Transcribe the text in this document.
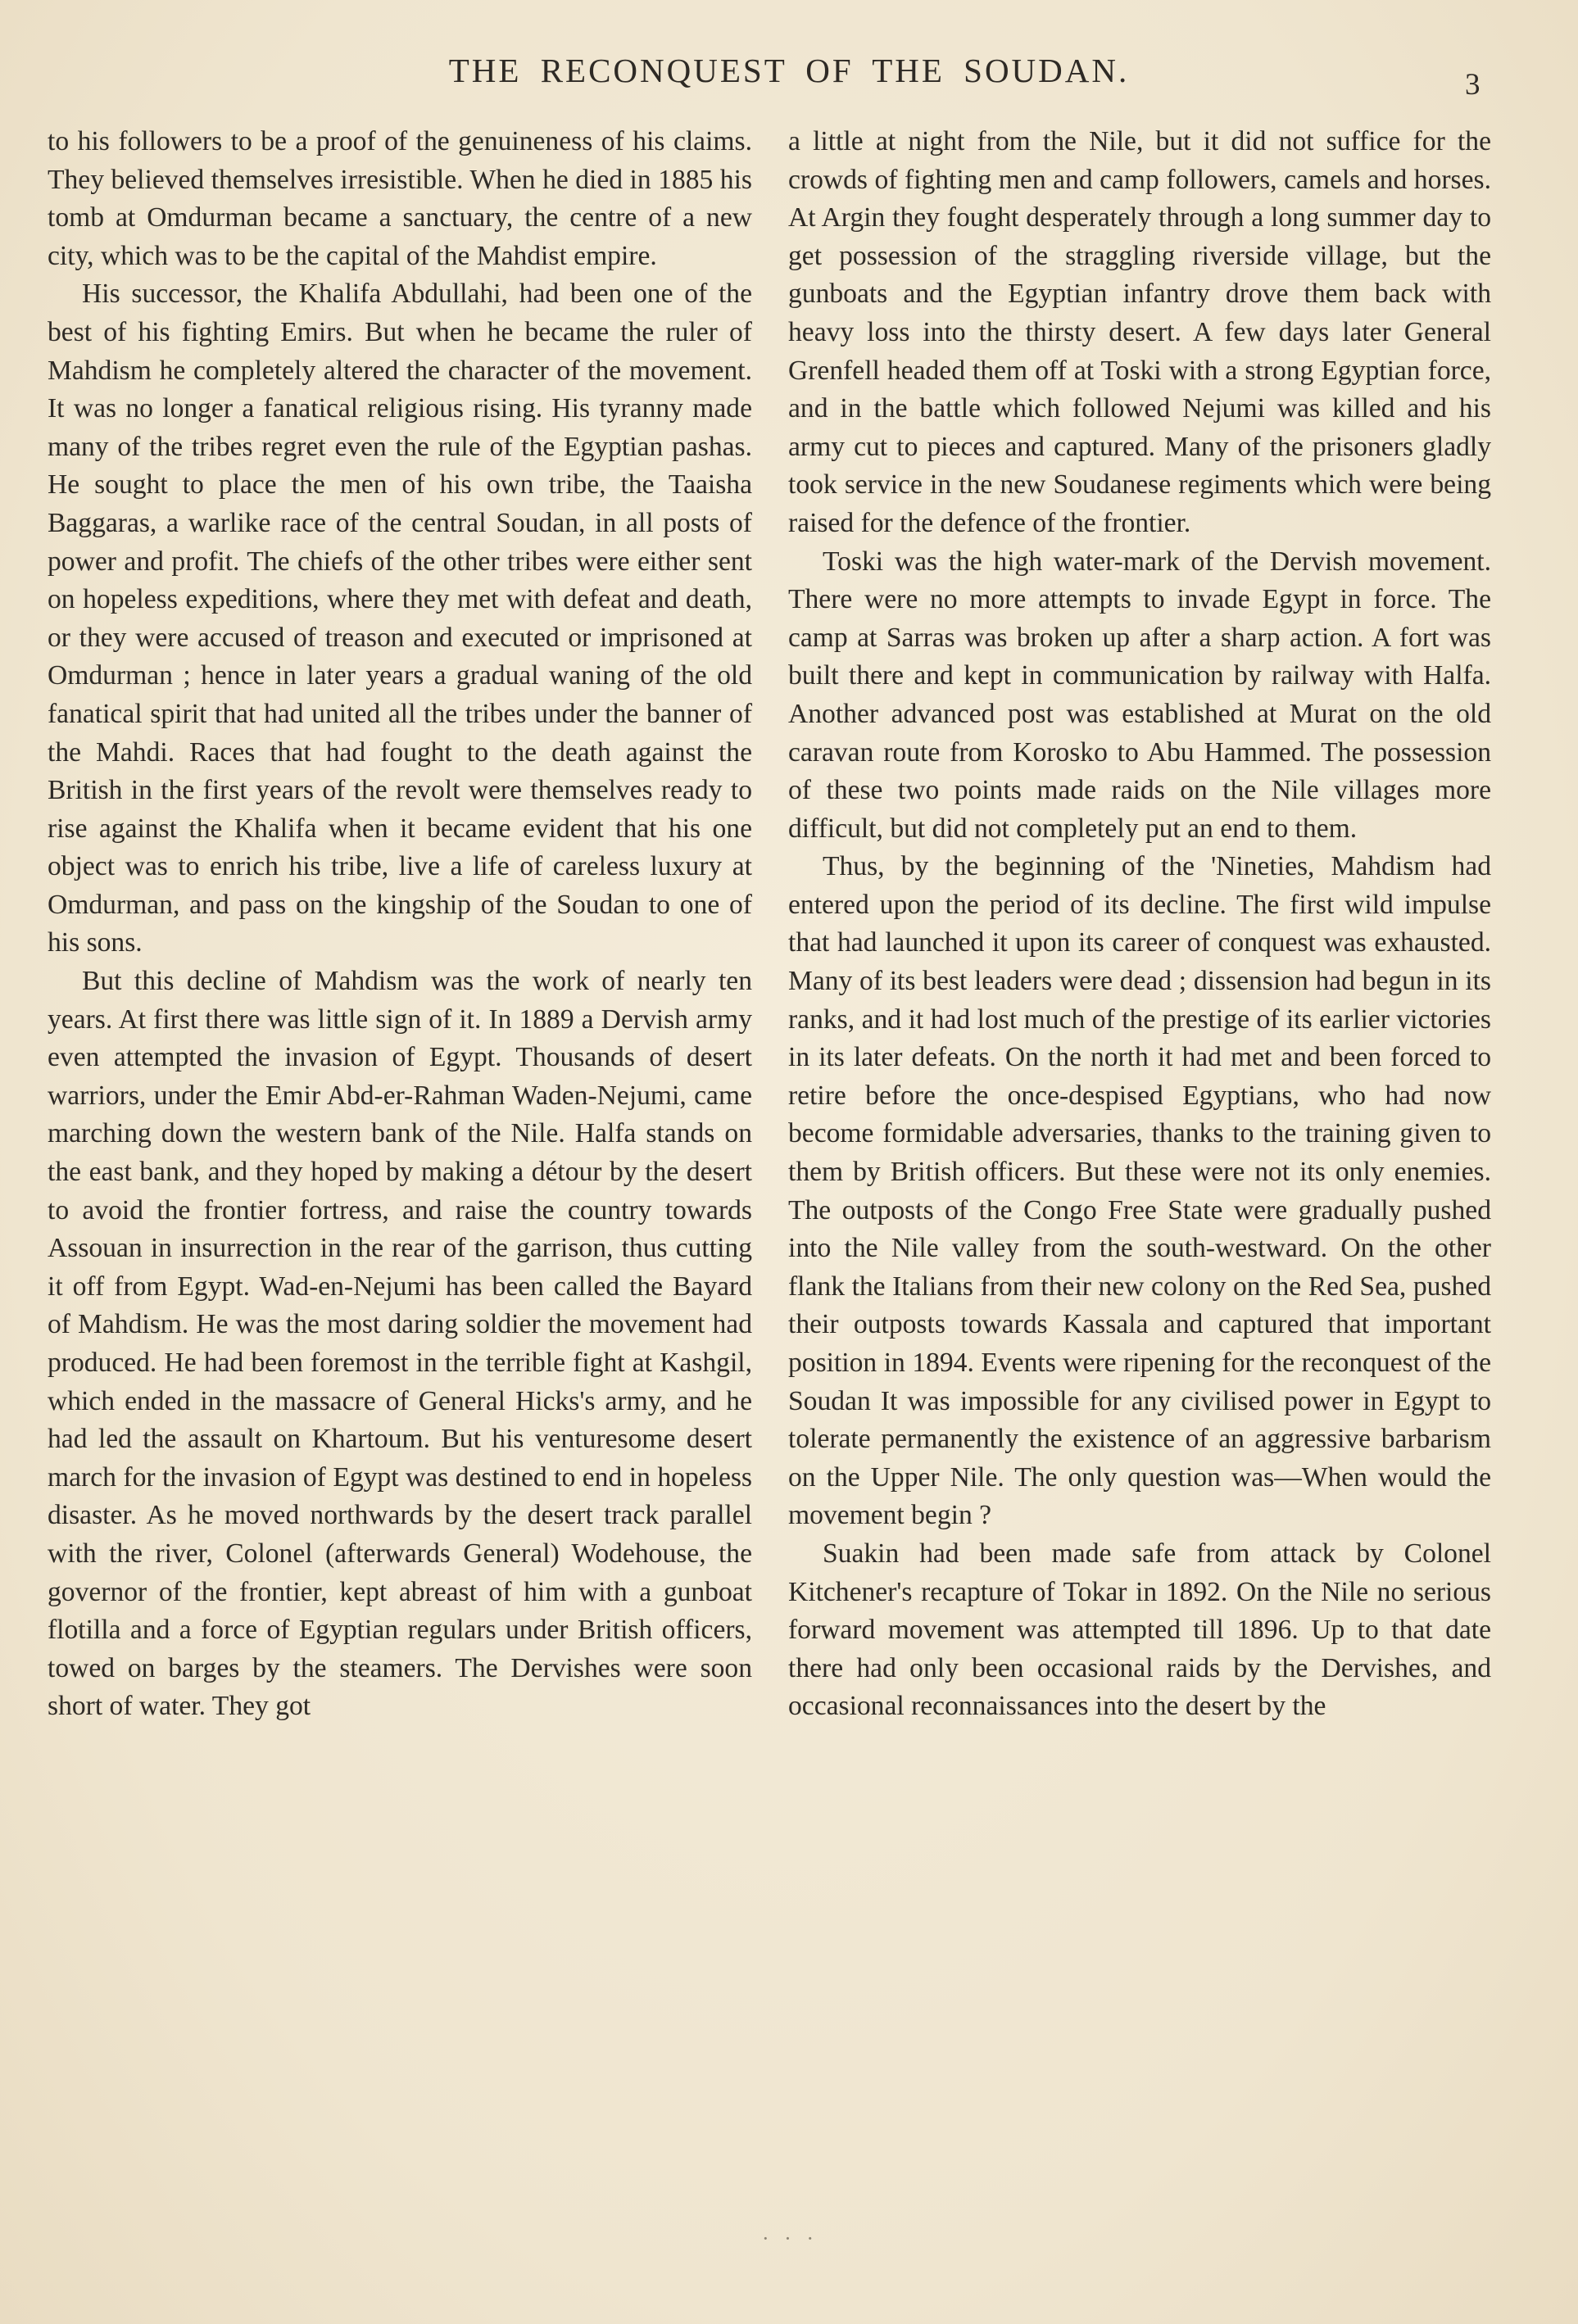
THE RECONQUEST OF THE SOUDAN.	3

to his followers to be a proof of the genuineness of his claims. They believed themselves irresistible. When he died in 1885 his tomb at Omdurman became a sanctuary, the centre of a new city, which was to be the capital of the Mahdist empire.

His successor, the Khalifa Abdullahi, had been one of the best of his fighting Emirs. But when he became the ruler of Mahdism he completely altered the character of the movement. It was no longer a fanatical religious rising. His tyranny made many of the tribes regret even the rule of the Egyptian pashas. He sought to place the men of his own tribe, the Taaisha Baggaras, a warlike race of the central Soudan, in all posts of power and profit. The chiefs of the other tribes were either sent on hopeless expeditions, where they met with defeat and death, or they were accused of treason and executed or imprisoned at Omdurman ; hence in later years a gradual waning of the old fanatical spirit that had united all the tribes under the banner of the Mahdi. Races that had fought to the death against the British in the first years of the revolt were themselves ready to rise against the Khalifa when it became evident that his one object was to enrich his tribe, live a life of careless luxury at Omdurman, and pass on the kingship of the Soudan to one of his sons.

But this decline of Mahdism was the work of nearly ten years. At first there was little sign of it. In 1889 a Dervish army even attempted the invasion of Egypt. Thousands of desert warriors, under the Emir Abd-er-Rahman Waden-Nejumi, came marching down the western bank of the Nile. Halfa stands on the east bank, and they hoped by making a détour by the desert to avoid the frontier fortress, and raise the country towards Assouan in insurrection in the rear of the garrison, thus cutting it off from Egypt. Wad-en-Nejumi has been called the Bayard of Mahdism. He was the most daring soldier the movement had produced. He had been foremost in the terrible fight at Kashgil, which ended in the massacre of General Hicks's army, and he had led the assault on Khartoum. But his venturesome desert march for the invasion of Egypt was destined to end in hopeless disaster. As he moved northwards by the desert track parallel with the river, Colonel (afterwards General) Wodehouse, the governor of the frontier, kept abreast of him with a gunboat flotilla and a force of Egyptian regulars under British officers, towed on barges by the steamers. The Dervishes were soon short of water. They got

a little at night from the Nile, but it did not suffice for the crowds of fighting men and camp followers, camels and horses. At Argin they fought desperately through a long summer day to get possession of the straggling riverside village, but the gunboats and the Egyptian infantry drove them back with heavy loss into the thirsty desert. A few days later General Grenfell headed them off at Toski with a strong Egyptian force, and in the battle which followed Nejumi was killed and his army cut to pieces and captured. Many of the prisoners gladly took service in the new Soudanese regiments which were being raised for the defence of the frontier.

Toski was the high water-mark of the Dervish movement. There were no more attempts to invade Egypt in force. The camp at Sarras was broken up after a sharp action. A fort was built there and kept in communication by railway with Halfa. Another advanced post was established at Murat on the old caravan route from Korosko to Abu Hammed. The possession of these two points made raids on the Nile villages more difficult, but did not completely put an end to them.

Thus, by the beginning of the 'Nineties, Mahdism had entered upon the period of its decline. The first wild impulse that had launched it upon its career of conquest was exhausted. Many of its best leaders were dead ; dissension had begun in its ranks, and it had lost much of the prestige of its earlier victories in its later defeats. On the north it had met and been forced to retire before the once-despised Egyptians, who had now become formidable adversaries, thanks to the training given to them by British officers. But these were not its only enemies. The outposts of the Congo Free State were gradually pushed into the Nile valley from the south-westward. On the other flank the Italians from their new colony on the Red Sea, pushed their outposts towards Kassala and captured that important position in 1894. Events were ripening for the reconquest of the Soudan It was impossible for any civilised power in Egypt to tolerate permanently the existence of an aggressive barbarism on the Upper Nile. The only question was—When would the movement begin ?

Suakin had been made safe from attack by Colonel Kitchener's recapture of Tokar in 1892. On the Nile no serious forward movement was attempted till 1896. Up to that date there had only been occasional raids by the Dervishes, and occasional reconnaissances into the desert by the

· · ·
